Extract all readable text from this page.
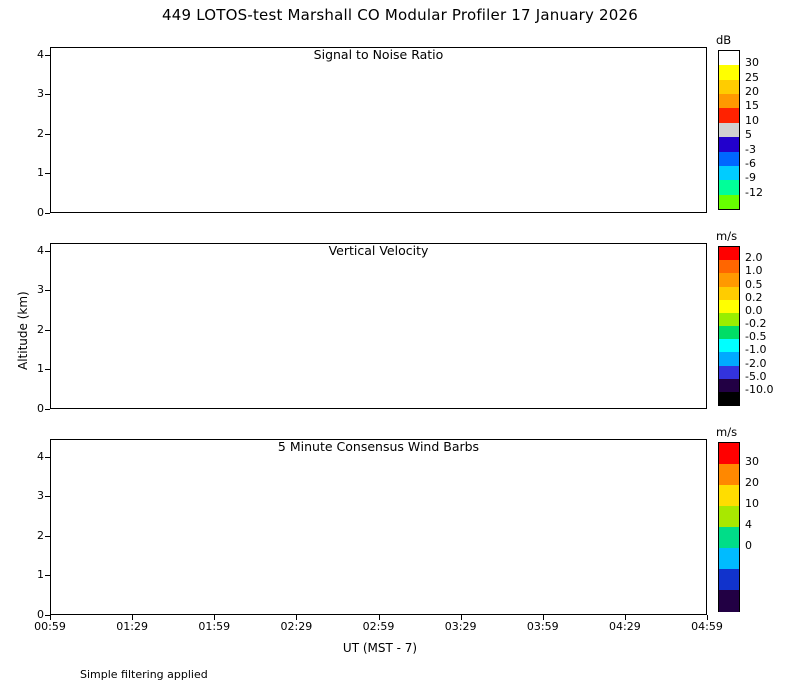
449 LOTOS-test Marshall CO Modular Profiler 17 January 2026
Signal to Noise Ratio
Vertical Velocity
5 Minute Consensus Wind Barbs
Altitude (km)
UT (MST - 7)
Simple filtering applied
dB
m/s
m/s
0
1
2
3
4
0
1
2
3
4
0
1
2
3
4
00:59	01:29	01:59	02:29	02:59	03:29	03:59	04:29	04:59
30
25
20
15
10
5
-3
-6
-9
-12
2.0
1.0
0.5
0.2
0.0
-0.2
-0.5
-1.0
-2.0
-5.0
-10.0
30
20
10
4
0
